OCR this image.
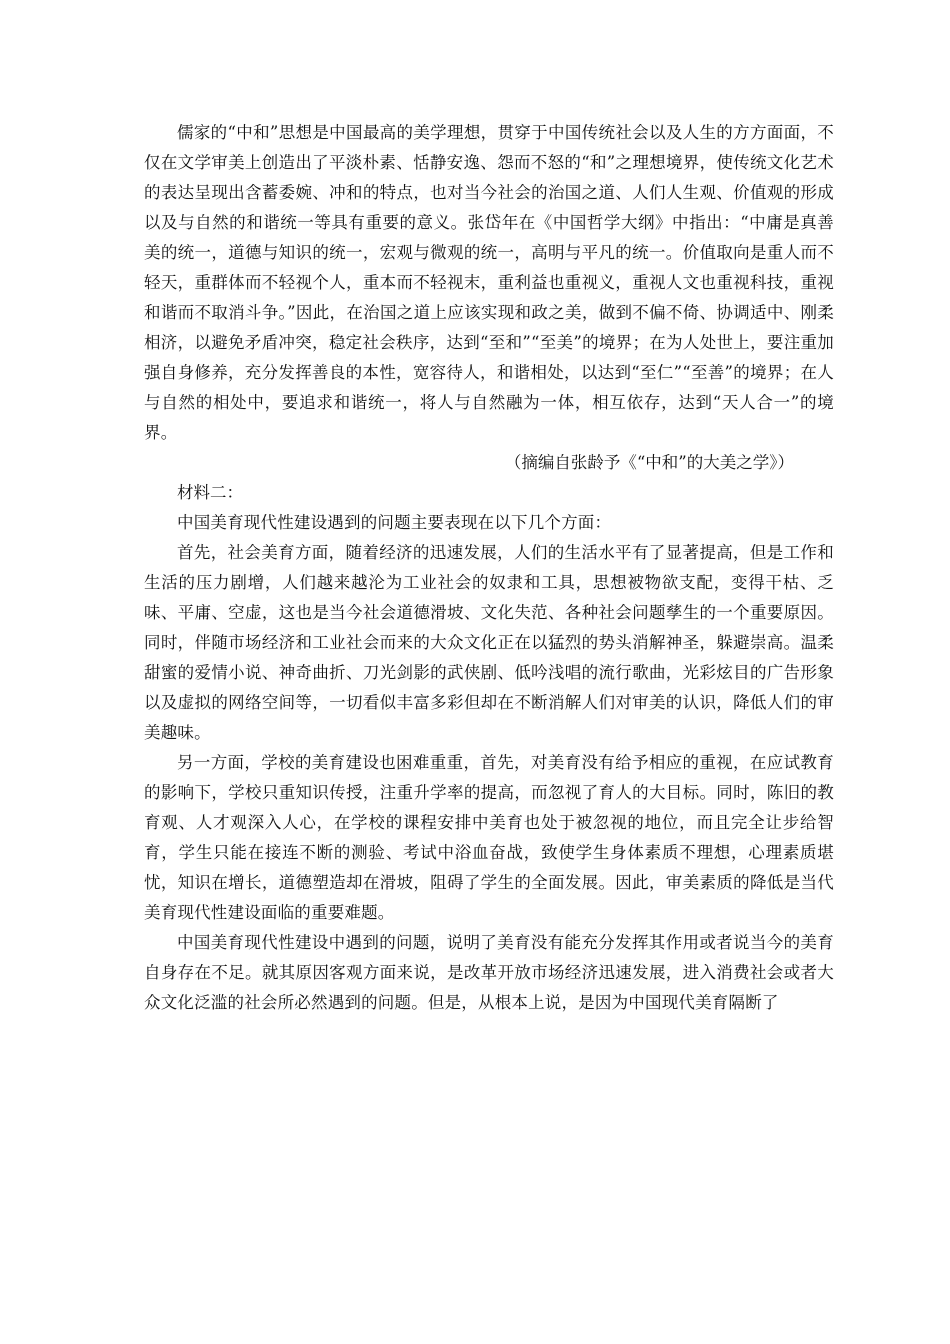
儒家的“中和”思想是中国最高的美学理想，贯穿于中国传统社会以及人生的方方面面，不仅在文学审美上创造出了平淡朴素、恬静安逸、怨而不怒的“和”之理想境界，使传统文化艺术的表达呈现出含蓄委婉、冲和的特点，也对当今社会的治国之道、人们人生观、价值观的形成以及与自然的和谐统一等具有重要的意义。张岱年在《中国哲学大纲》中指出：“中庸是真善美的统一，道德与知识的统一，宏观与微观的统一，高明与平凡的统一。价值取向是重人而不轻天，重群体而不轻视个人，重本而不轻视末，重利益也重视义，重视人文也重视科技，重视和谐而不取消斗争。”因此，在治国之道上应该实现和政之美，做到不偏不倚、协调适中、刚柔相济，以避免矛盾冲突，稳定社会秩序，达到“至和”“至美”的境界；在为人处世上，要注重加强自身修养，充分发挥善良的本性，宽容待人，和谐相处，以达到“至仁”“至善”的境界；在人与自然的相处中，要追求和谐统一，将人与自然融为一体，相互依存，达到“天人合一”的境界。

（摘编自张龄予《“中和”的大美之学》）

材料二：

中国美育现代性建设遇到的问题主要表现在以下几个方面：

首先，社会美育方面，随着经济的迅速发展，人们的生活水平有了显著提高，但是工作和生活的压力剧增，人们越来越沦为工业社会的奴隶和工具，思想被物欲支配，变得干枯、乏味、平庸、空虚，这也是当今社会道德滑坡、文化失范、各种社会问题孳生的一个重要原因。同时，伴随市场经济和工业社会而来的大众文化正在以猛烈的势头消解神圣，躲避崇高。温柔甜蜜的爱情小说、神奇曲折、刀光剑影的武侠剧、低吟浅唱的流行歌曲，光彩炫目的广告形象以及虚拟的网络空间等，一切看似丰富多彩但却在不断消解人们对审美的认识，降低人们的审美趣味。

另一方面，学校的美育建设也困难重重，首先，对美育没有给予相应的重视，在应试教育的影响下，学校只重知识传授，注重升学率的提高，而忽视了育人的大目标。同时，陈旧的教育观、人才观深入人心，在学校的课程安排中美育也处于被忽视的地位，而且完全让步给智育，学生只能在接连不断的测验、考试中浴血奋战，致使学生身体素质不理想，心理素质堪忧，知识在增长，道德塑造却在滑坡，阻碍了学生的全面发展。因此，审美素质的降低是当代美育现代性建设面临的重要难题。

中国美育现代性建设中遇到的问题，说明了美育没有能充分发挥其作用或者说当今的美育自身存在不足。就其原因客观方面来说，是改革开放市场经济迅速发展，进入消费社会或者大众文化泛滥的社会所必然遇到的问题。但是，从根本上说，是因为中国现代美育隔断了
